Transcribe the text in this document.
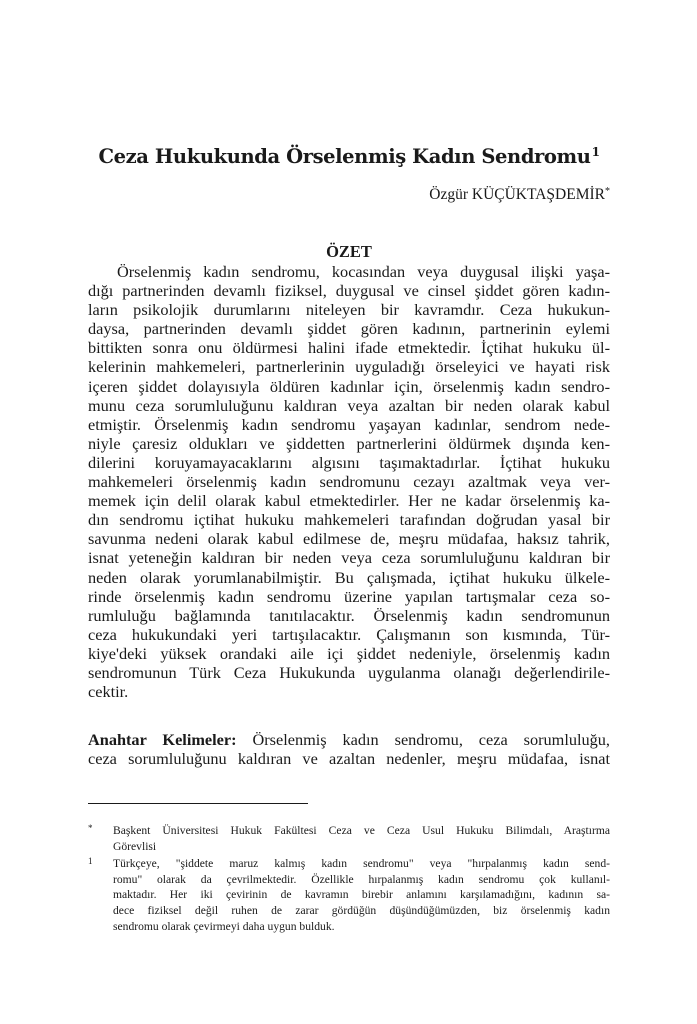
Ceza Hukukunda Örselenmiş Kadın Sendromu$^1$
Özgür KÜÇÜKTAŞDEMİR*
ÖZET
Örselenmiş kadın sendromu, kocasından veya duygusal ilişki yaşa-
dığı partnerinden devamlı fiziksel, duygusal ve cinsel şiddet gören kadın-
ların psikolojik durumlarını niteleyen bir kavramdır. Ceza hukukun-
daysa, partnerinden devamlı şiddet gören kadının, partnerinin eylemi
bittikten sonra onu öldürmesi halini ifade etmektedir. İçtihat hukuku ül-
kelerinin mahkemeleri, partnerlerinin uyguladığı örseleyici ve hayati risk
içeren şiddet dolayısıyla öldüren kadınlar için, örselenmiş kadın sendro-
munu ceza sorumluluğunu kaldıran veya azaltan bir neden olarak kabul
etmiştir. Örselenmiş kadın sendromu yaşayan kadınlar, sendrom nede-
niyle çaresiz oldukları ve şiddetten partnerlerini öldürmek dışında ken-
dilerini koruyamayacaklarını algısını taşımaktadırlar. İçtihat hukuku
mahkemeleri örselenmiş kadın sendromunu cezayı azaltmak veya ver-
memek için delil olarak kabul etmektedirler. Her ne kadar örselenmiş ka-
dın sendromu içtihat hukuku mahkemeleri tarafından doğrudan yasal bir
savunma nedeni olarak kabul edilmese de, meşru müdafaa, haksız tahrik,
isnat yeteneğin kaldıran bir neden veya ceza sorumluluğunu kaldıran bir
neden olarak yorumlanabilmiştir. Bu çalışmada, içtihat hukuku ülkele-
rinde örselenmiş kadın sendromu üzerine yapılan tartışmalar ceza so-
rumluluğu bağlamında tanıtılacaktır. Örselenmiş kadın sendromunun
ceza hukukundaki yeri tartışılacaktır. Çalışmanın son kısmında, Tür-
kiye'deki yüksek orandaki aile içi şiddet nedeniyle, örselenmiş kadın
sendromunun Türk Ceza Hukukunda uygulanma olanağı değerlendirile-
cektir.
Anahtar Kelimeler: Örselenmiş kadın sendromu, ceza sorumluluğu,
ceza sorumluluğunu kaldıran ve azaltan nedenler, meşru müdafaa, isnat
* Başkent Üniversitesi Hukuk Fakültesi Ceza ve Ceza Usul Hukuku Bilimdalı, Araştırma
Görevlisi
1 Türkçeye, "şiddete maruz kalmış kadın sendromu" veya "hırpalanmış kadın send-
romu" olarak da çevrilmektedir. Özellikle hırpalanmış kadın sendromu çok kullanıl-
maktadır. Her iki çevirinin de kavramın birebir anlamını karşılamadığını, kadının sa-
dece fiziksel değil ruhen de zarar gördüğün düşündüğümüzden, biz örselenmiş kadın
sendromu olarak çevirmeyi daha uygun bulduk.
